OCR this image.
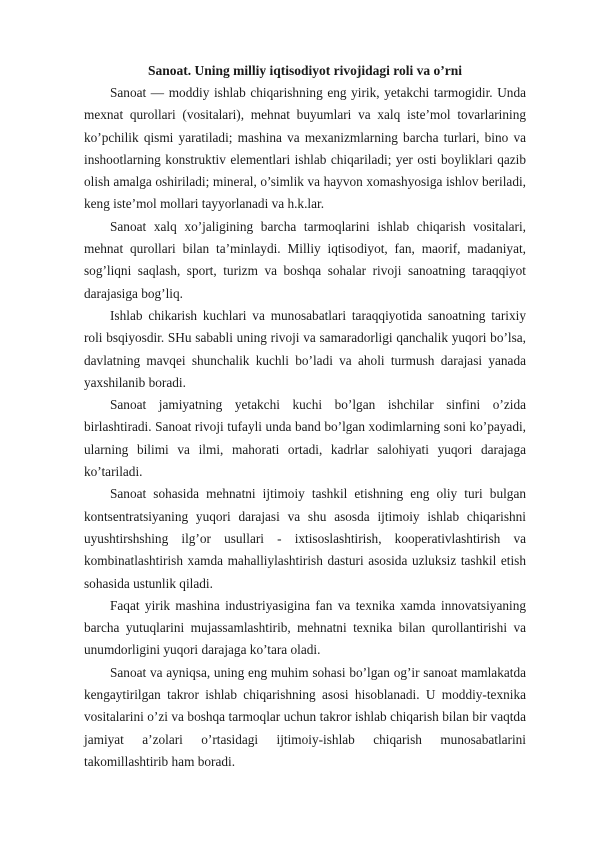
Sanoat. Uning milliy iqtisodiyot rivojidagi roli va o’rni

Sanoat — moddiy ishlab chiqarishning eng yirik, yetakchi tarmogidir. Unda mexnat qurollari (vositalari), mehnat buyumlari va xalq iste’mol tovarlarining ko’pchilik qismi yaratiladi; mashina va mexanizmlarning barcha turlari, bino va inshootlarning konstruktiv elementlari ishlab chiqariladi; yer osti boyliklari qazib olish amalga oshiriladi; mineral, o’simlik va hayvon xomashyosiga ishlov beriladi, keng iste’mol mollari tayyorlanadi va h.k.lar.

Sanoat xalq xo’jaligining barcha tarmoqlarini ishlab chiqarish vositalari, mehnat qurollari bilan ta’minlaydi. Milliy iqtisodiyot, fan, maorif, madaniyat, sog’liqni saqlash, sport, turizm va boshqa sohalar rivoji sanoatning taraqqiyot darajasiga bog’liq.

Ishlab chikarish kuchlari va munosabatlari taraqqiyotida sanoatning tarixiy roli bsqiyosdir. SHu sababli uning rivoji va samaradorligi qanchalik yuqori bo’lsa, davlatning mavqei shunchalik kuchli bo’ladi va aholi turmush darajasi yanada yaxshilanib boradi.

Sanoat jamiyatning yetakchi kuchi bo’lgan ishchilar sinfini o’zida birlashtiradi. Sanoat rivoji tufayli unda band bo’lgan xodimlarning soni ko’payadi, ularning bilimi va ilmi, mahorati ortadi, kadrlar salohiyati yuqori darajaga ko’tariladi.

Sanoat sohasida mehnatni ijtimoiy tashkil etishning eng oliy turi bulgan kontsentratsiyaning yuqori darajasi va shu asosda ijtimoiy ishlab chiqarishni uyushtirshshing ilg’or usullari - ixtisoslashtirish, kooperativlashtirish va kombinatlashtirish xamda mahalliylashtirish dasturi asosida uzluksiz tashkil etish sohasida ustunlik qiladi.

Faqat yirik mashina industriyasigina fan va texnika xamda innovatsiyaning barcha yutuqlarini mujassamlashtirib, mehnatni texnika bilan qurollantirishi va unumdorligini yuqori darajaga ko’tara oladi.

Sanoat va ayniqsa, uning eng muhim sohasi bo’lgan og’ir sanoat mamlakatda kengaytirilgan takror ishlab chiqarishning asosi hisoblanadi. U moddiy-texnika vositalarini o’zi va boshqa tarmoqlar uchun takror ishlab chiqarish bilan bir vaqtda jamiyat a’zolari o’rtasidagi ijtimoiy-ishlab chiqarish munosabatlarini takomillashtirib ham boradi.
